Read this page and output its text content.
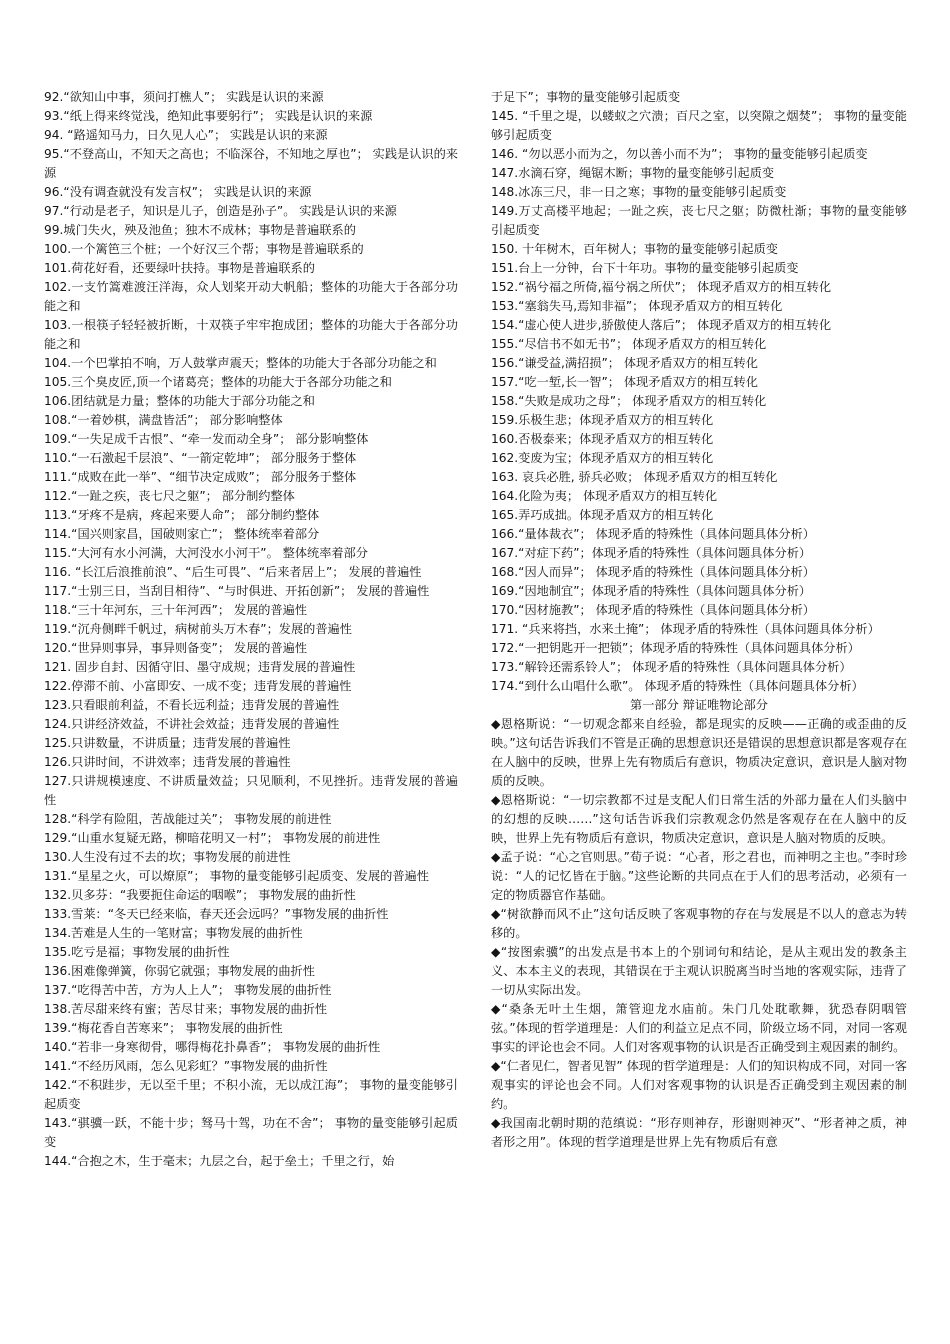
92.“欲知山中事，须问打樵人”； 实践是认识的来源

93.“纸上得来终觉浅，绝知此事要躬行”； 实践是认识的来源

94. “路遥知马力，日久见人心”； 实践是认识的来源

95.“不登高山，不知天之高也；不临深谷，不知地之厚也”； 实践是认识的来源

96.“没有调查就没有发言权”； 实践是认识的来源

97.“行动是老子，知识是儿子，创造是孙子”。 实践是认识的来源

99.城门失火，殃及池鱼；独木不成林；事物是普遍联系的

100.一个篱笆三个桩；一个好汉三个帮；事物是普遍联系的

101.荷花好看，还要绿叶扶持。事物是普遍联系的

102.一支竹篙难渡汪洋海，众人划桨开动大帆船；整体的功能大于各部分功能之和

103.一根筷子轻轻被折断，十双筷子牢牢抱成团；整体的功能大于各部分功能之和

104.一个巴掌拍不响，万人鼓掌声震天；整体的功能大于各部分功能之和

105.三个臭皮匠,顶一个诸葛亮；整体的功能大于各部分功能之和

106.团结就是力量；整体的功能大于部分功能之和

108.“一着妙棋，满盘皆活”； 部分影响整体

109.“一失足成千古恨”、“牵一发而动全身”； 部分影响整体

110.“一石激起千层浪”、“一箭定乾坤”； 部分服务于整体

111.“成败在此一举”、“细节决定成败”； 部分服务于整体

112.“一趾之疾，丧七尺之躯”； 部分制约整体

113.“牙疼不是病，疼起来要人命”； 部分制约整体

114.“国兴则家昌，国破则家亡”； 整体统率着部分

115.“大河有水小河满，大河没水小河干”。 整体统率着部分

116. “长江后浪推前浪”、“后生可畏”、“后来者居上”； 发展的普遍性

117.“士别三日，当刮目相待”、“与时俱进、开拓创新”； 发展的普遍性

118.“三十年河东，三十年河西”； 发展的普遍性

119.“沉舟侧畔千帆过，病树前头万木春”；发展的普遍性

120.“世异则事异，事异则备变”； 发展的普遍性

121. 固步自封、因循守旧、墨守成规；违背发展的普遍性

122.停滞不前、小富即安、一成不变；违背发展的普遍性

123.只看眼前利益，不看长远利益；违背发展的普遍性

124.只讲经济效益，不讲社会效益；违背发展的普遍性

125.只讲数量，不讲质量；违背发展的普遍性

126.只讲时间，不讲效率；违背发展的普遍性

127.只讲规模速度、不讲质量效益；只见顺利，不见挫折。违背发展的普遍性

128.“科学有险阻，苦战能过关”； 事物发展的前进性

129.“山重水复疑无路，柳暗花明又一村”； 事物发展的前进性

130.人生没有过不去的坎；事物发展的前进性

131.“星星之火，可以燎原”； 事物的量变能够引起质变、发展的普遍性

132.贝多芬：“我要扼住命运的咽喉”； 事物发展的曲折性

133.雪莱：“冬天已经来临，春天还会远吗？”事物发展的曲折性

134.苦难是人生的一笔财富；事物发展的曲折性

135.吃亏是福；事物发展的曲折性

136.困难像弹簧，你弱它就强；事物发展的曲折性

137.“吃得苦中苦，方为人上人”； 事物发展的曲折性

138.苦尽甜来终有蜜；苦尽甘来；事物发展的曲折性

139.“梅花香自苦寒来”； 事物发展的曲折性

140.“若非一身寒彻骨，哪得梅花扑鼻香”； 事物发展的曲折性

141.“不经历风雨，怎么见彩虹？”事物发展的曲折性

142.“不积跬步，无以至千里；不积小流，无以成江海”； 事物的量变能够引起质变

143.“骐骥一跃，不能十步；驽马十驾，功在不舍”； 事物的量变能够引起质变

144.“合抱之木，生于毫末；九层之台，起于垒土；千里之行，始

于足下”；事物的量变能够引起质变

145. “千里之堤，以蝼蚁之穴溃；百尺之室，以突隙之烟焚”； 事物的量变能够引起质变

146. “勿以恶小而为之，勿以善小而不为”； 事物的量变能够引起质变

147.水滴石穿，绳锯木断；事物的量变能够引起质变

148.冰冻三尺，非一日之寒；事物的量变能够引起质变

149.万丈高楼平地起；一趾之疾，丧七尺之躯；防微杜渐；事物的量变能够引起质变

150. 十年树木，百年树人；事物的量变能够引起质变

151.台上一分钟，台下十年功。事物的量变能够引起质变

152.“祸兮福之所倚,福兮祸之所伏”； 体现矛盾双方的相互转化

153.“塞翁失马,焉知非福”； 体现矛盾双方的相互转化

154.“虚心使人进步,骄傲使人落后”； 体现矛盾双方的相互转化

155.“尽信书不如无书”； 体现矛盾双方的相互转化

156.“谦受益,满招损”； 体现矛盾双方的相互转化

157.“吃一堑,长一智”； 体现矛盾双方的相互转化

158.“失败是成功之母”； 体现矛盾双方的相互转化

159.乐极生悲；体现矛盾双方的相互转化

160.否极泰来；体现矛盾双方的相互转化

162.变废为宝；体现矛盾双方的相互转化

163. 哀兵必胜, 骄兵必败； 体现矛盾双方的相互转化

164.化险为夷； 体现矛盾双方的相互转化

165.弄巧成拙。体现矛盾双方的相互转化

166.“量体裁衣”； 体现矛盾的特殊性（具体问题具体分析）

167.“对症下药”；体现矛盾的特殊性（具体问题具体分析）

168.“因人而异”； 体现矛盾的特殊性（具体问题具体分析）

169.“因地制宜”；体现矛盾的特殊性（具体问题具体分析）

170.“因材施教”； 体现矛盾的特殊性（具体问题具体分析）

171. “兵来将挡，水来土掩”； 体现矛盾的特殊性（具体问题具体分析）

172.“一把钥匙开一把锁”；体现矛盾的特殊性（具体问题具体分析）

173.“解铃还需系铃人”； 体现矛盾的特殊性（具体问题具体分析）

174.“到什么山唱什么歌”。 体现矛盾的特殊性（具体问题具体分析）

第一部分 辩证唯物论部分

◆恩格斯说：“一切观念都来自经验，都是现实的反映——正确的或歪曲的反映。”这句话告诉我们不管是正确的思想意识还是错误的思想意识都是客观存在在人脑中的反映，世界上先有物质后有意识，物质决定意识，意识是人脑对物质的反映。

◆恩格斯说：“一切宗教都不过是支配人们日常生活的外部力量在人们头脑中的幻想的反映……”这句话告诉我们宗教观念仍然是客观存在在人脑中的反映，世界上先有物质后有意识，物质决定意识，意识是人脑对物质的反映。

◆孟子说：“心之官则思。”荀子说：“心者，形之君也，而神明之主也。”李时珍说：“人的记忆皆在于脑。”这些论断的共同点在于人们的思考活动，必须有一定的物质器官作基础。

◆“树欲静而风不止”这句话反映了客观事物的存在与发展是不以人的意志为转移的。

◆“按图索骥”的出发点是书本上的个别词句和结论，是从主观出发的教条主义、本本主义的表现，其错误在于主观认识脱离当时当地的客观实际，违背了一切从实际出发。

◆“桑条无叶土生烟，箫管迎龙水庙前。朱门几处耽歌舞，犹恐春阴咽管弦。”体现的哲学道理是：人们的利益立足点不同，阶级立场不同，对同一客观事实的评论也会不同。人们对客观事物的认识是否正确受到主观因素的制约。

◆“仁者见仁，智者见智” 体现的哲学道理是：人们的知识构成不同，对同一客观事实的评论也会不同。人们对客观事物的认识是否正确受到主观因素的制约。

◆我国南北朝时期的范缜说：“形存则神存，形谢则神灭”、“形者神之质，神者形之用”。体现的哲学道理是世界上先有物质后有意
